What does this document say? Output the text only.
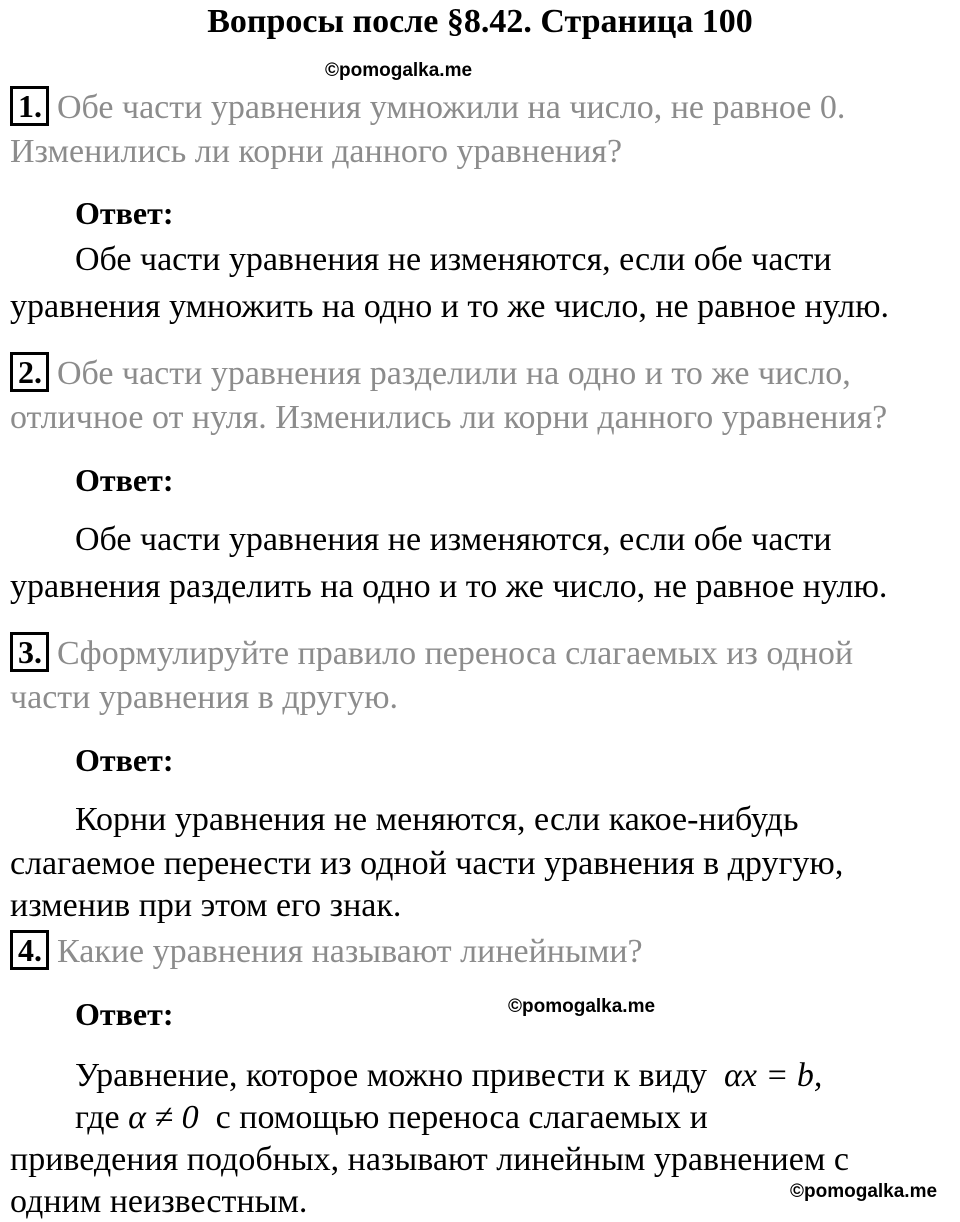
Вопросы после §8.42. Страница 100
©pomogalka.me
1. Обе части уравнения умножили на число, не равное 0.
Изменились ли корни данного уравнения?
Ответ:
Обе части уравнения не изменяются, если обе части
уравнения умножить на одно и то же число, не равное нулю.
2. Обе части уравнения разделили на одно и то же число,
отличное от нуля. Изменились ли корни данного уравнения?
Ответ:
Обе части уравнения не изменяются, если обе части
уравнения разделить на одно и то же число, не равное нулю.
3. Сформулируйте правило переноса слагаемых из одной
части уравнения в другую.
Ответ:
Корни уравнения не меняются, если какое-нибудь
слагаемое перенести из одной части уравнения в другую,
изменив при этом его знак.
4. Какие уравнения называют линейными?
Ответ:	©pomogalka.me
Уравнение, которое можно привести к виду αx = b,
где α ≠ 0 с помощью переноса слагаемых и
приведения подобных, называют линейным уравнением с
одним неизвестным.	©pomogalka.me
